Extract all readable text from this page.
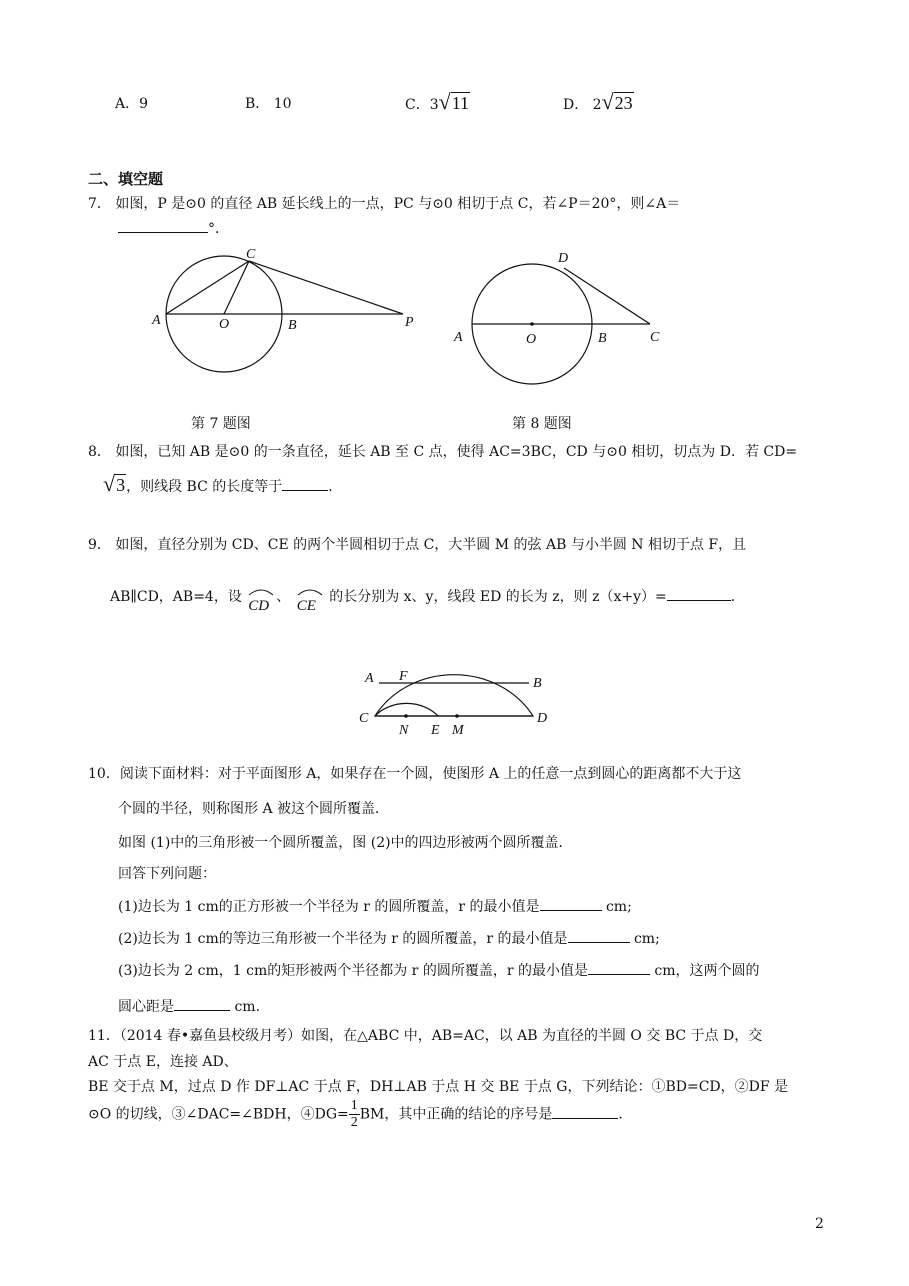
A．9	B． 10	C．3√11	D． 2√23
二、填空题
7． 如图，P 是⊙0 的直径 AB 延长线上的一点，PC 与⊙0 相切于点 C，若∠P＝20°，则∠A＝
°．
A	O	B	P
C	D
A	O	B	C
第 7 题图	第 8 题图
8． 如图，已知 AB 是⊙0 的一条直径，延长 AB 至 C 点，使得 AC=3BC，CD 与⊙0 相切，切点为 D．若 CD=
√3，则线段 BC 的长度等于	．
9． 如图，直径分别为 CD、CE 的两个半圆相切于点 C，大半圆 M 的弦 AB 与小半圆 N 相切于点 F，且
AB∥CD，AB=4，设
CD
、
CE
的长分别为 x、y，线段 ED 的长为 z，则 z（x+y）=	．
A F	B
C
N E M
D
10．阅读下面材料：对于平面图形 A，如果存在一个圆，使图形 A 上的任意一点到圆心的距离都不大于这
个圆的半径，则称图形 A 被这个圆所覆盖．
如图 (1)中的三角形被一个圆所覆盖，图 (2)中的四边形被两个圆所覆盖．
回答下列问题：
(1)边长为 1 cm的正方形被一个半径为 r 的圆所覆盖，r 的最小值是	cm;
(2)边长为 1 cm的等边三角形被一个半径为 r 的圆所覆盖，r 的最小值是	cm;
(3)边长为 2 cm，1 cm的矩形被两个半径都为 r 的圆所覆盖，r 的最小值是	cm，这两个圆的
圆心距是	cm.
11．（2014 春•嘉鱼县校级月考）如图，在△ABC 中，AB=AC，以 AB 为直径的半圆 O 交 BC 于点 D，交
AC 于点 E，连接 AD、
BE 交于点 M，过点 D 作 DF⊥AC 于点 F，DH⊥AB 于点 H 交 BE 于点 G，下列结论：①BD=CD，②DF 是
⊙O 的切线，③∠DAC=∠BDH，④DG= $\frac{1}{2}$ BM，其中正确的结论的序号是	．
2
